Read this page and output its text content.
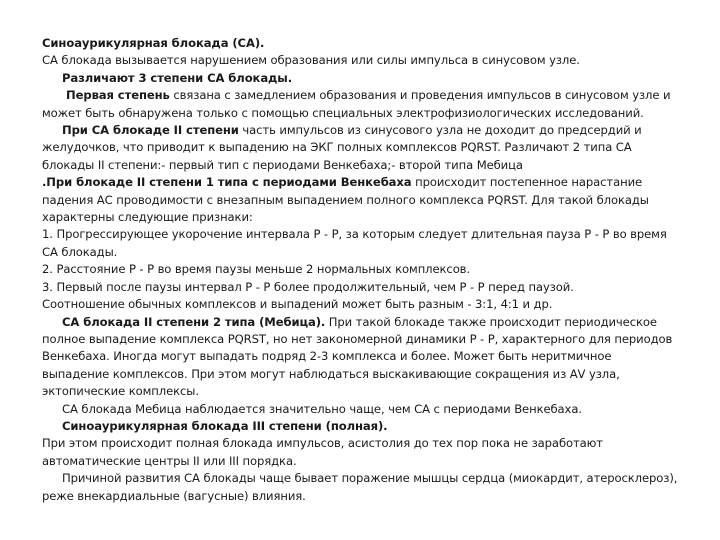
Синоаурикулярная блокада (СА).

СА блокада вызывается нарушением образования или силы импульса в синусовом узле.

Различают 3 степени СА блокады.

Первая степень связана с замедлением образования и проведения импульсов в синусовом узле и может быть обнаружена только с помощью специальных электрофизиологических исследований.

При СА блокаде II степени часть импульсов из синусового узла не доходит до предсердий и желудочков, что приводит к выпадению на ЭКГ полных комплексов PQRST. Различают 2 типа СА блокады II степени:- первый тип с периодами Венкебаха;- второй типа Мебица

.При блокаде II степени 1 типа с периодами Венкебаха происходит постепенное нарастание падения АС проводимости с внезапным выпадением полного комплекса PQRST. Для такой блокады характерны следующие признаки:

1. Прогрессирующее укорочение интервала Р - Р, за которым следует длительная пауза Р - Р во время СА блокады.

2. Расстояние Р - Р во время паузы меньше 2 нормальных комплексов.

3. Первый после паузы интервал Р - Р более продолжительный, чем Р - Р перед паузой.

Соотношение обычных комплексов и выпадений может быть разным - 3:1, 4:1 и др.

СА блокада II степени 2 типа (Мебица). При такой блокаде также происходит периодическое полное выпадение комплекса PQRST, но нет закономерной динамики Р - Р, характерного для периодов Венкебаха. Иногда могут выпадать подряд 2-3 комплекса и более. Может быть неритмичное выпадение комплексов. При этом могут наблюдаться выскакивающие сокращения из АV узла, эктопические комплексы.

СА блокада Мебица наблюдается значительно чаще, чем СА с периодами Венкебаха.

Синоаурикулярная блокада III степени (полная).

При этом происходит полная блокада импульсов, асистолия до тех пор пока не заработают автоматические центры II или III порядка.

Причиной развития СА блокады чаще бывает поражение мышцы сердца (миокардит, атеросклероз), реже внекардиальные (вагусные) влияния.
